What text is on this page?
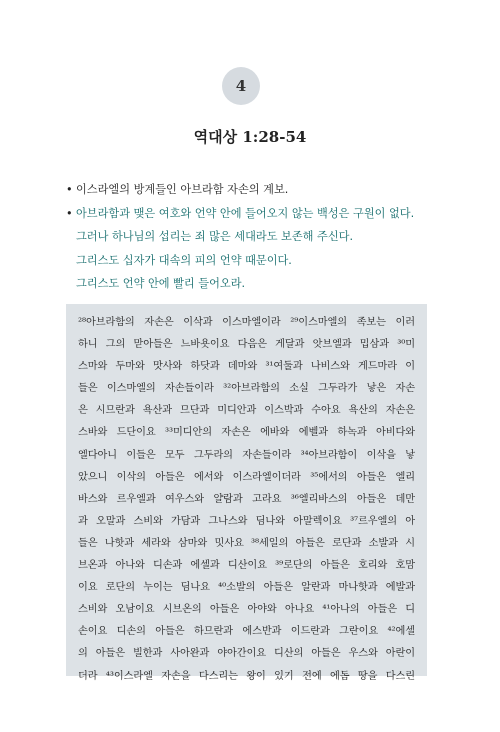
4
역대상 1:28-54
• 이스라엘의 방계들인 아브라함 자손의 계보.
• 아브라함과 맺은 여호와 언약 안에 들어오지 않는 백성은 구원이 없다.
그러나 하나님의 섭리는 죄 많은 세대라도 보존해 주신다.
그리스도 십자가 대속의 피의 언약 때문이다.
그리스도 언약 안에 빨리 들어오라.
²⁸아브라함의 자손은 이삭과 이스마엘이라 ²⁹이스마엘의 족보는 이러
하니 그의 맏아들은 느바욧이요 다음은 게달과 앗브엘과 밉삼과 ³⁰미
스마와 두마와 맛사와 하닷과 데마와 ³¹여둘과 나비스와 게드마라 이
들은 이스마엘의 자손들이라 ³²아브라함의 소실 그두라가 낳은 자손
은 시므란과 욕산과 므단과 미디안과 이스박과 수아요 욕산의 자손은
스바와 드단이요 ³³미디안의 자손은 에바와 에벨과 하녹과 아비다와
엘다아니 이들은 모두 그두라의 자손들이라 ³⁴아브라함이 이삭을 낳
았으니 이삭의 아들은 에서와 이스라엘이더라 ³⁵에서의 아들은 엘리
바스와 르우엘과 여우스와 얄람과 고라요 ³⁶엘리바스의 아들은 데만
과 오말과 스비와 가담과 그나스와 딤나와 아말렉이요 ³⁷르우엘의 아
들은 나핫과 세라와 삼마와 밋사요 ³⁸세일의 아들은 로단과 소발과 시
브온과 아나와 디손과 에셀과 디산이요 ³⁹로단의 아들은 호리와 호맘
이요 로단의 누이는 딤나요 ⁴⁰소발의 아들은 알란과 마나핫과 에발과
스비와 오남이요 시브온의 아들은 아야와 아나요 ⁴¹아나의 아들은 디
손이요 디손의 아들은 하므란과 에스반과 이드란과 그란이요 ⁴²에셀
의 아들은 빌한과 사아완과 야아간이요 디산의 아들은 우스와 아란이
더라 ⁴³이스라엘 자손을 다스리는 왕이 있기 전에 에돔 땅을 다스린
